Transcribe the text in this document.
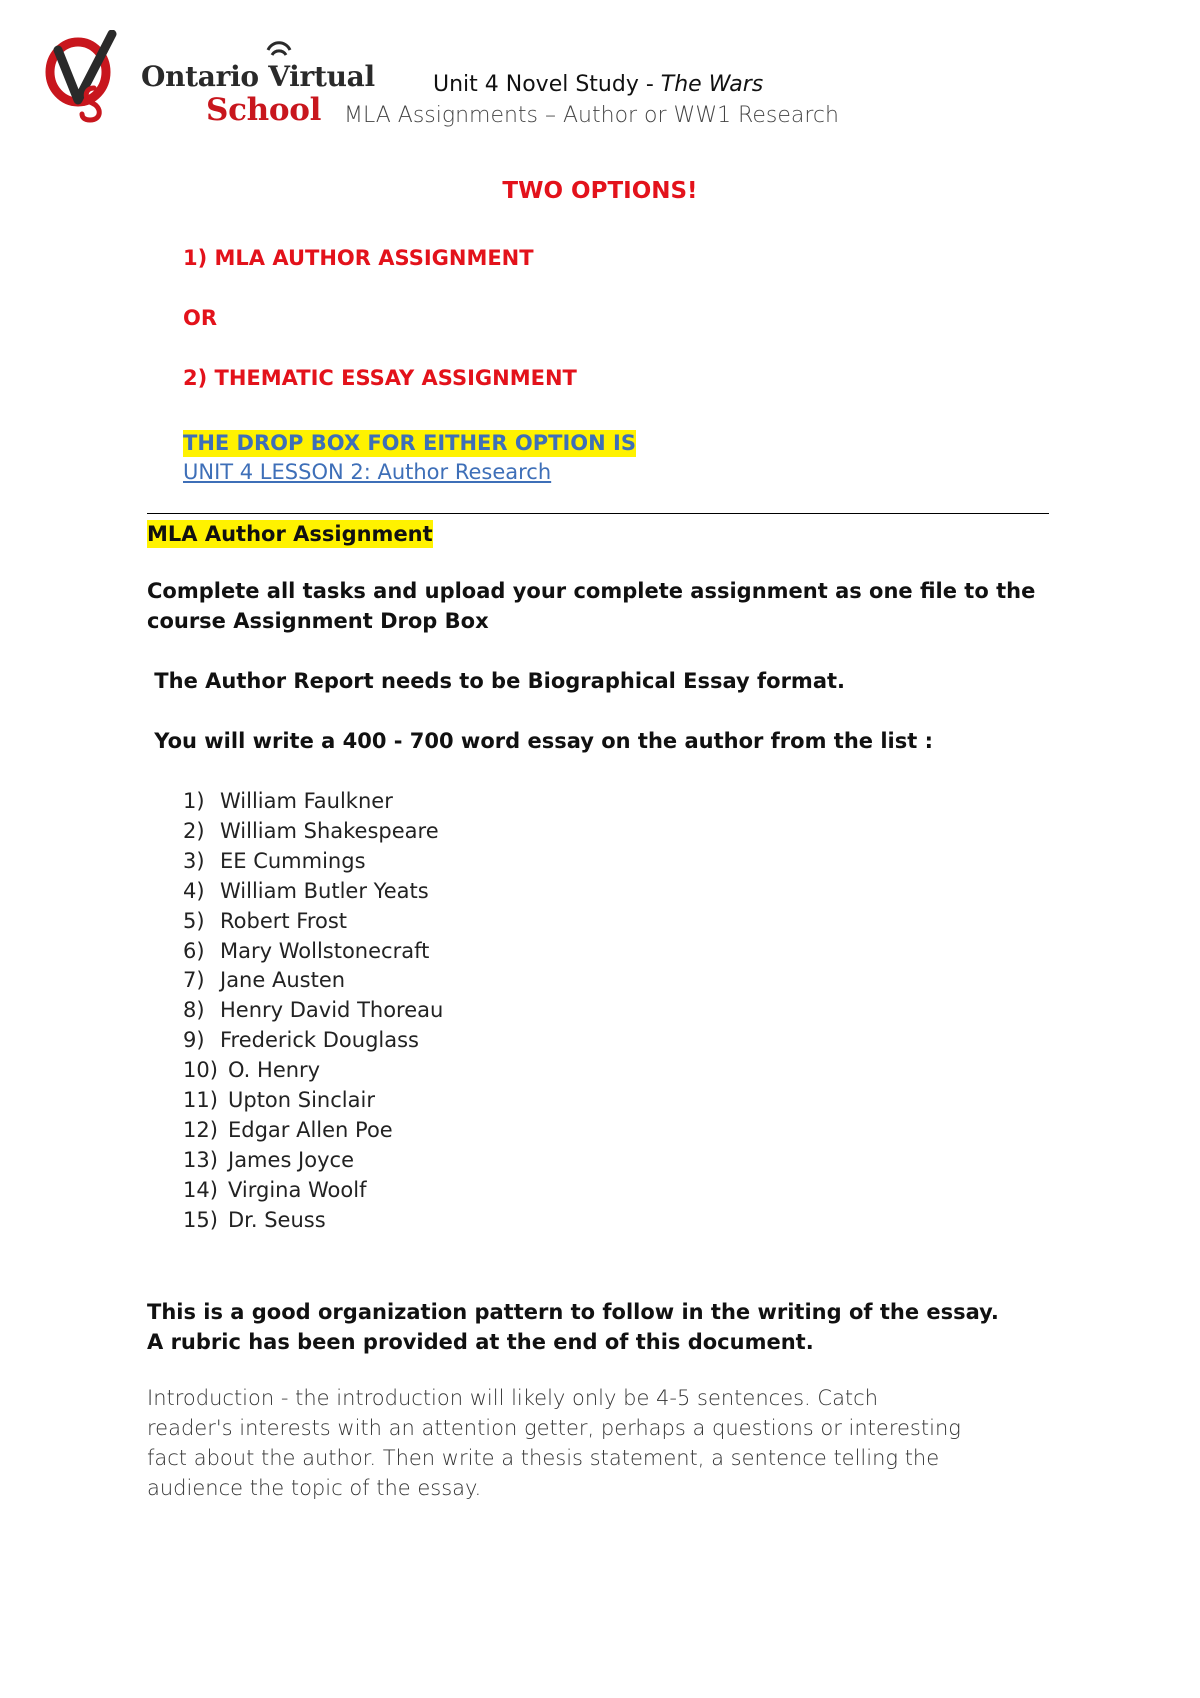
Ontario Virtual
School
Unit 4 Novel Study - The Wars
MLA Assignments – Author or WW1 Research
TWO OPTIONS!
1) MLA AUTHOR ASSIGNMENT
OR
2) THEMATIC ESSAY ASSIGNMENT
THE DROP BOX FOR EITHER OPTION IS
UNIT 4 LESSON 2: Author Research
MLA Author Assignment
Complete all tasks and upload your complete assignment as one file to the
course Assignment Drop Box
The Author Report needs to be Biographical Essay format.
You will write a 400 - 700 word essay on the author from the list :
1) William Faulkner
2) William Shakespeare
3) EE Cummings
4) William Butler Yeats
5) Robert Frost
6) Mary Wollstonecraft
7) Jane Austen
8) Henry David Thoreau
9) Frederick Douglass
10) O. Henry
11) Upton Sinclair
12) Edgar Allen Poe
13) James Joyce
14) Virgina Woolf
15) Dr. Seuss
This is a good organization pattern to follow in the writing of the essay.
A rubric has been provided at the end of this document.
Introduction - the introduction will likely only be 4-5 sentences. Catch
reader's interests with an attention getter, perhaps a questions or interesting
fact about the author. Then write a thesis statement, a sentence telling the
audience the topic of the essay.
